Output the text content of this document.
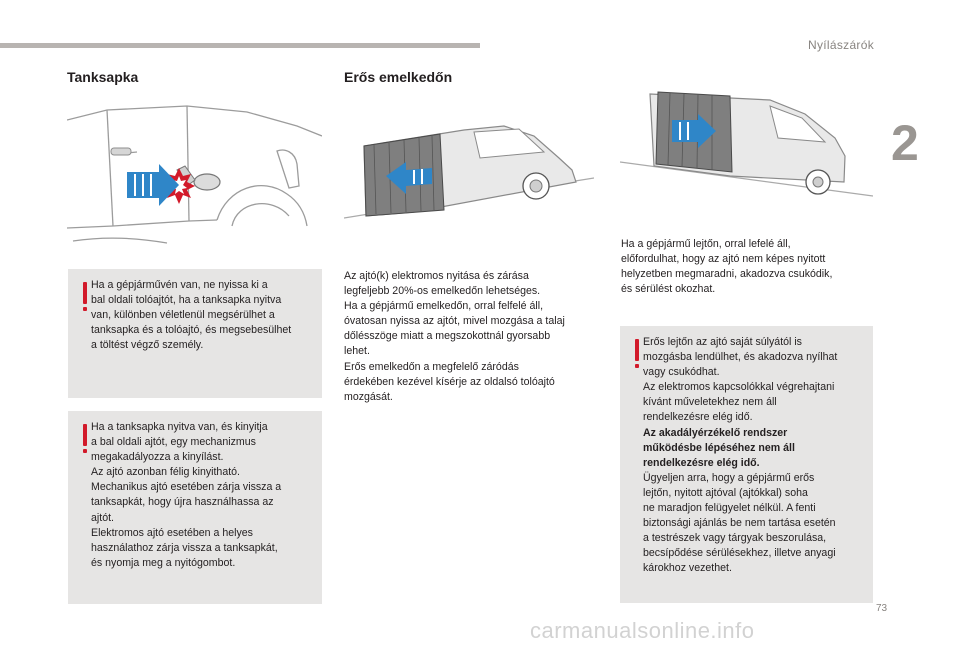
Nyílászárók
2
Tanksapka	Erős emelkedőn
Ha a gépjárművén van, ne nyissa ki a
bal oldali tolóajtót, ha a tanksapka nyitva
van, különben véletlenül megsérülhet a
tanksapka és a tolóajtó, és megsebesülhet
a töltést végző személy.
Ha a tanksapka nyitva van, és kinyitja
a bal oldali ajtót, egy mechanizmus
megakadályozza a kinyílást.
Az ajtó azonban félig kinyitható.
Mechanikus ajtó esetében zárja vissza a
tanksapkát, hogy újra használhassa az
ajtót.
Elektromos ajtó esetében a helyes
használathoz zárja vissza a tanksapkát,
és nyomja meg a nyitógombot.
Az ajtó(k) elektromos nyitása és zárása
legfeljebb 20%-os emelkedőn lehetséges.
Ha a gépjármű emelkedőn, orral felfelé áll,
óvatosan nyissa az ajtót, mivel mozgása a talaj
dőlésszöge miatt a megszokottnál gyorsabb
lehet.
Erős emelkedőn a megfelelő záródás
érdekében kezével kísérje az oldalsó tolóajtó
mozgását.
Ha a gépjármű lejtőn, orral lefelé áll,
előfordulhat, hogy az ajtó nem képes nyitott
helyzetben megmaradni, akadozva csukódik,
és sérülést okozhat.
Erős lejtőn az ajtó saját súlyától is
mozgásba lendülhet, és akadozva nyílhat
vagy csukódhat.
Az elektromos kapcsolókkal végrehajtani
kívánt műveletekhez nem áll
rendelkezésre elég idő.
Az akadályérzékelő rendszer
működésbe lépéséhez nem áll
rendelkezésre elég idő.
Ügyeljen arra, hogy a gépjármű erős
lejtőn, nyitott ajtóval (ajtókkal) soha
ne maradjon felügyelet nélkül. A fenti
biztonsági ajánlás be nem tartása esetén
a testrészek vagy tárgyak beszorulása,
becsípődése sérülésekhez, illetve anyagi
károkhoz vezethet.
73
carmanualsonline.info
